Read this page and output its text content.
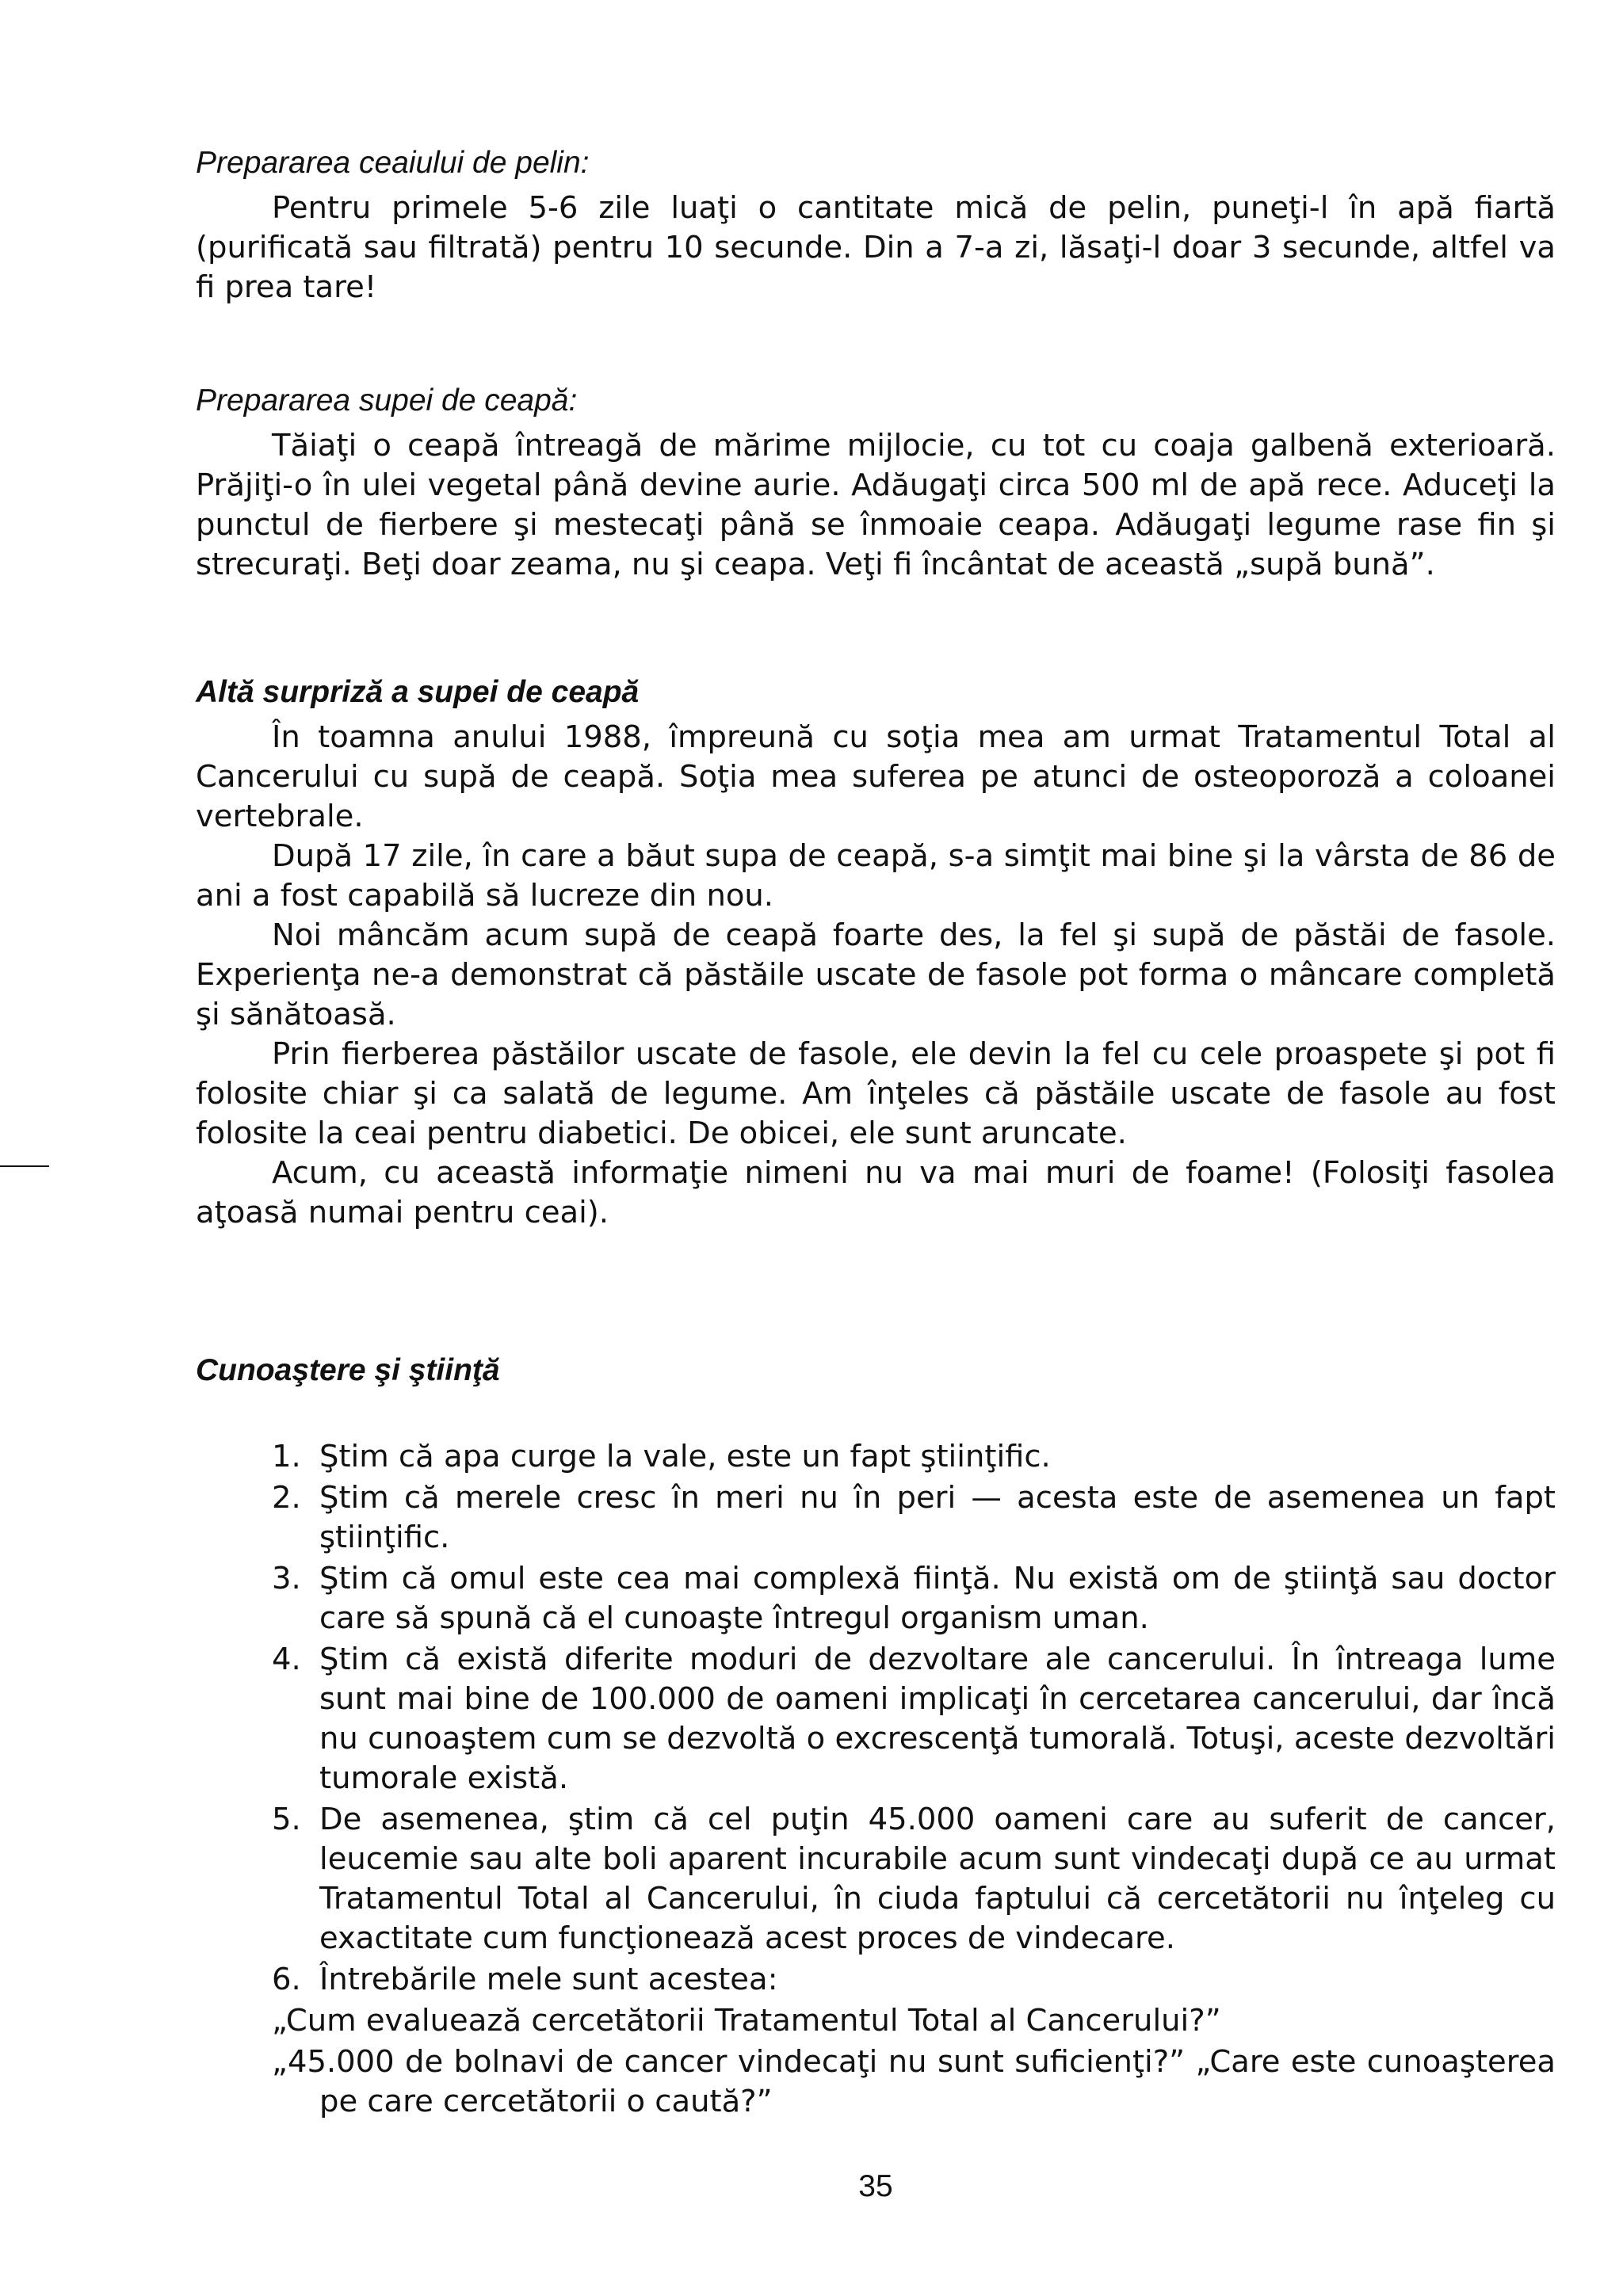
Prepararea ceaiului de pelin:

Pentru primele 5-6 zile luaţi o cantitate mică de pelin, puneţi-l în apă fiartă (purificată sau filtrată) pentru 10 secunde. Din a 7-a zi, lăsaţi-l doar 3 secunde, altfel va fi prea tare!

Prepararea supei de ceapă:

Tăiaţi o ceapă întreagă de mărime mijlocie, cu tot cu coaja galbenă exterioară. Prăjiţi-o în ulei vegetal până devine aurie. Adăugaţi circa 500 ml de apă rece. Aduceţi la punctul de fierbere şi mestecaţi până se înmoaie ceapa. Adăugaţi legume rase fin şi strecuraţi. Beţi doar zeama, nu şi ceapa. Veţi fi încântat de această „supă bună”.

Altă surpriză a supei de ceapă

În toamna anului 1988, împreună cu soţia mea am urmat Tratamentul Total al Cancerului cu supă de ceapă. Soţia mea suferea pe atunci de osteoporoză a coloanei vertebrale.

După 17 zile, în care a băut supa de ceapă, s-a simţit mai bine şi la vârsta de 86 de ani a fost capabilă să lucreze din nou.

Noi mâncăm acum supă de ceapă foarte des, la fel şi supă de păstăi de fasole. Experienţa ne-a demonstrat că păstăile uscate de fasole pot forma o mâncare completă şi sănătoasă.

Prin fierberea păstăilor uscate de fasole, ele devin la fel cu cele proaspete şi pot fi folosite chiar şi ca salată de legume. Am înţeles că păstăile uscate de fasole au fost folosite la ceai pentru diabetici. De obicei, ele sunt aruncate.

Acum, cu această informaţie nimeni nu va mai muri de foame! (Folosiţi fasolea aţoasă numai pentru ceai).

Cunoaştere şi ştiinţă
1. Ştim că apa curge la vale, este un fapt ştiinţific.
2. Ştim că merele cresc în meri nu în peri — acesta este de asemenea un fapt ştiinţific.
3. Ştim că omul este cea mai complexă fiinţă. Nu există om de ştiinţă sau doctor care să spună că el cunoaşte întregul organism uman.
4. Ştim că există diferite moduri de dezvoltare ale cancerului. În întreaga lume sunt mai bine de 100.000 de oameni implicaţi în cercetarea cancerului, dar încă nu cunoaştem cum se dezvoltă o excrescenţă tumorală. Totuşi, aceste dezvoltări tumorale există.
5. De asemenea, ştim că cel puţin 45.000 oameni care au suferit de cancer, leucemie sau alte boli aparent incurabile acum sunt vindecaţi după ce au urmat Tratamentul Total al Cancerului, în ciuda faptului că cercetătorii nu înţeleg cu exactitate cum funcţionează acest proces de vindecare.
6. Întrebările mele sunt acestea:

„Cum evaluează cercetătorii Tratamentul Total al Cancerului?”

„45.000 de bolnavi de cancer vindecaţi nu sunt suficienţi?” „Care este cunoaşterea pe care cercetătorii o caută?”

35
